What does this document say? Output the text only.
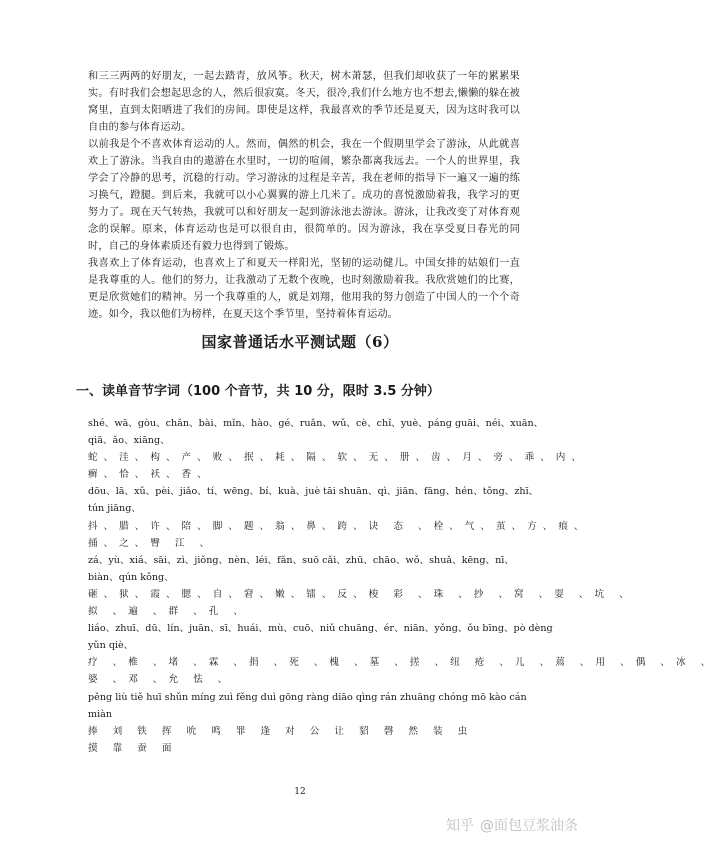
和三三两两的好朋友，一起去踏青，放风筝。秋天，树木萧瑟，但我们却收获了一年的累累果实。有时我们会想起思念的人，然后很寂寞。冬天，很冷,我们什么地方也不想去,懒懒的躲在被窝里，直到太阳晒进了我们的房间。即使是这样，我最喜欢的季节还是夏天，因为这时我可以自由的参与体育运动。

以前我是个不喜欢体育运动的人。然而，偶然的机会，我在一个假期里学会了游泳，从此就喜欢上了游泳。当我自由的遨游在水里时，一切的喧闹，繁杂都离我远去。一个人的世界里，我学会了冷静的思考，沉稳的行动。学习游泳的过程是辛苦，我在老师的指导下一遍又一遍的练习换气，蹬腿。到后来，我就可以小心翼翼的游上几米了。成功的喜悦激励着我，我学习的更努力了。现在天气转热，我就可以和好朋友一起到游泳池去游泳。游泳，让我改变了对体育观念的误解。原来，体育运动也是可以很自由，很简单的。因为游泳，我在享受夏日春光的同时，自己的身体素质还有毅力也得到了锻炼。

我喜欢上了体育运动，也喜欢上了和夏天一样阳光，坚韧的运动健儿。中国女排的姑娘们一直是我尊重的人。他们的努力，让我激动了无数个夜晚，也时刻激励着我。我欣赏她们的比赛，更是欣赏她们的精神。另一个我尊重的人，就是刘翔，他用我的努力创造了中国人的一个个奇迹。如今，我以他们为榜样，在夏天这个季节里，坚持着体育运动。

国家普通话水平测试题（6）
一、读单音节字词（100 个音节，共 10 分，限时 3.5 分钟）
shé、wā、gòu、chǎn、bài、mǐn、hào、gé、ruǎn、wǔ、cè、chǐ、yuè、páng guāi、néi、xuān、
qiā、ǎo、xiāng、
蛇、洼、构、产、败、抿、耗、隔、软、无、册、齿、月、旁、乖、内、
癣、恰、袄、香、
dōu、lā、xǔ、pèi、jiǎo、tí、wēng、bí、kuà、juè tāi shuān、qì、jiān、fāng、hén、tǒng、zhī、
tún jiāng、
抖、腊、许、陪、脚、题、翁、鼻、跨、诀 态 、栓、气、茧、方、痕、
捅、之、臀 江 、
zá、yù、xiá、sāi、zì、jiǒng、nèn、léi、fǎn、suō cǎi、zhū、chāo、wǒ、shuǎ、kēng、nī、
biàn、qún kǒng、
砸、狱、霞、腮、自、窘、嫩、镭、反、梭 彩 、珠 、抄 、窝 、耍 、坑 、
拟 、遍 、群 、孔 、
liáo、zhuī、dū、lín、juān、sī、huái、mù、cuō、niǔ chuāng、ér、niān、yǒng、ǒu bīng、pò dèng
yǔn qiè、
疗 、椎 、堵 、霖 、捐 、死 、槐 、墓 、搓 、纽 疮 、儿 、蔫 、用 、偶 、冰 、
婆 、邓 、允 怯 、
pěng liù tiě huī shǔn míng zuì fěng duì gōng ràng diāo qìng rán zhuāng chóng mō kào cán
miàn
捧 刘 铁 挥 吮 鸣 罪 逢 对 公 让 貂 磬 然 装 虫
摸 靠 蚕 面
12
知乎 @面包豆浆油条
